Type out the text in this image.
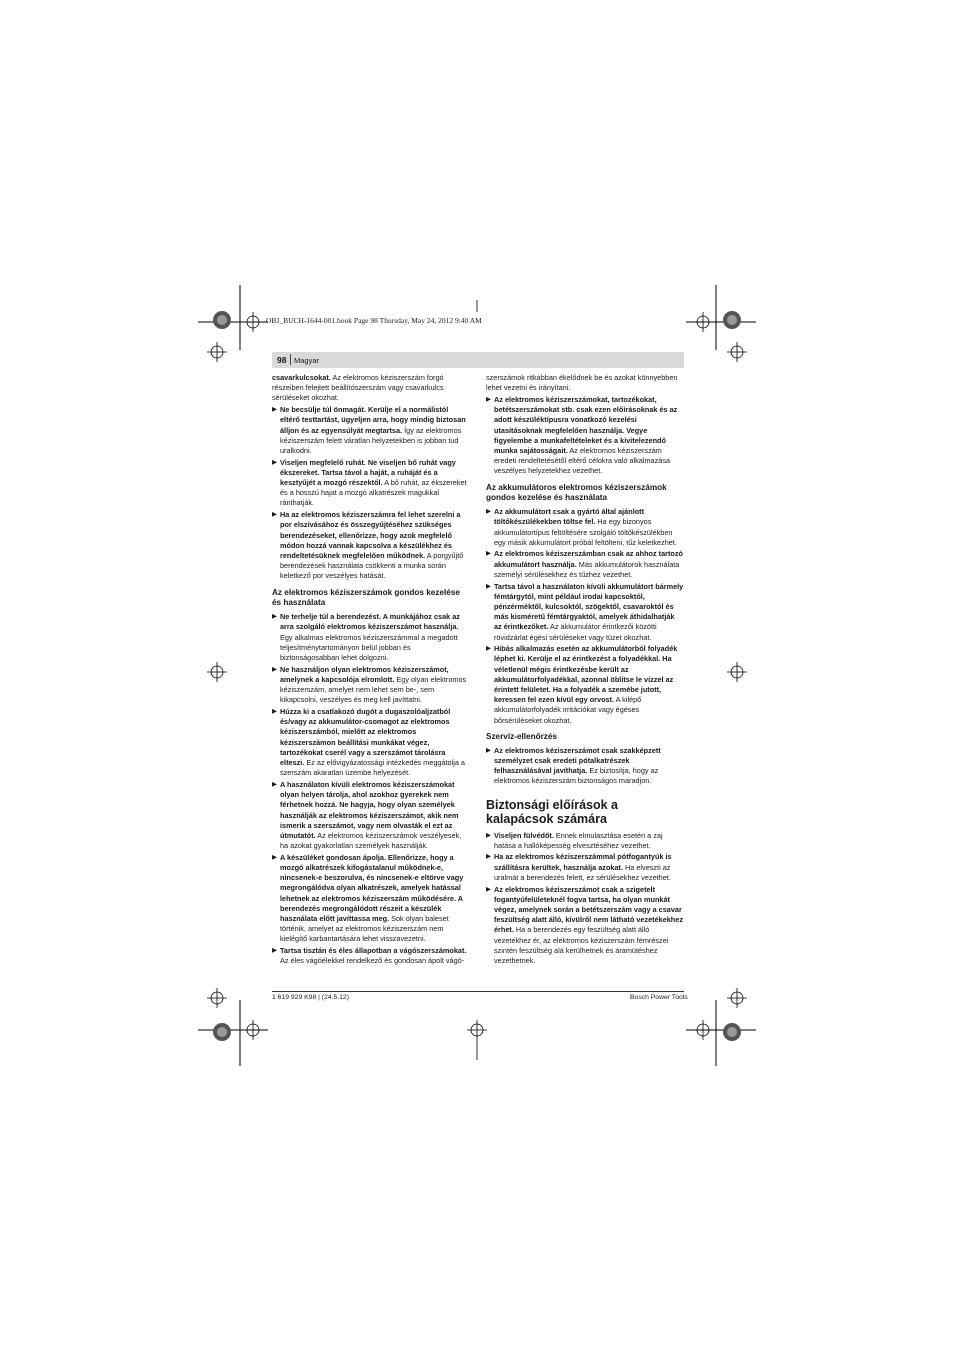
OBJ_BUCH-1644-001.book Page 98 Thursday, May 24, 2012 9:40 AM
98 Magyar

csavarkulcsokat. Az elektromos kéziszerszám forgó részeiben felejtett beállítószerszám vagy csavarkulcs sérüléseket okozhat.

▶ Ne becsülje túl önmagát. Kerülje el a normálistól eltérő testtartást, ügyeljen arra, hogy mindig biztosan álljon és az egyensúlyát megtartsa. Így az elektromos kéziszerszám felett váratlan helyzetekben is jobban tud uralkodni.
▶ Viseljen megfelelő ruhát. Ne viseljen bő ruhát vagy ékszereket. Tartsa távol a haját, a ruháját és a kesztyűjét a mozgó részektől. A bő ruhát, az ékszereket és a hosszú hajat a mozgó alkatrészek magukkal ránthatják.
▶ Ha az elektromos kéziszerszámra fel lehet szerelni a por elszívásához és összegyűjtéséhez szükséges berendezéseket, ellenőrizze, hogy azok megfelelő módon hozzá vannak kapcsolva a készülékhez és rendeltetésüknek megfelelően működnek. A porgyűjtő berendezések használata csökkenti a munka során keletkező por veszélyes hatását.
Az elektromos kéziszerszámok gondos kezelése és használata
▶ Ne terhelje túl a berendezést. A munkájához csak az arra szolgáló elektromos kéziszerszámot használja. Egy alkalmas elektromos kéziszerszámmal a megadott teljesítménytartományon belül jobban és biztonságosabban lehet dolgozni.
▶ Ne használjon olyan elektromos kéziszerszámot, amelynek a kapcsolója elromlott. Egy olyan elektromos kéziszerszám, amelyet nem lehet sem be-, sem kikapcsolni, veszélyes és meg kell javíttatni.
▶ Húzza ki a csatlakozó dugót a dugaszolóaljzatból és/vagy az akkumulátor-csomagot az elektromos kéziszerszámból, mielőtt az elektromos kéziszerszámon beállítási munkákat végez, tartozékokat cserél vagy a szerszámot tárolásra elteszi. Ez az elővigyázatossági intézkedés meggátolja a szerszám akaratlan üzembe helyezését.
▶ A használaton kívüli elektromos kéziszerszámokat olyan helyen tárolja, ahol azokhoz gyerekek nem férhetnek hozzá. Ne hagyja, hogy olyan személyek használják az elektromos kéziszerszámot, akik nem ismerik a szerszámot, vagy nem olvasták el ezt az útmutatót. Az elektromos kéziszerszámok veszélyesek, ha azokat gyakorlatlan személyek használják.
▶ A készüléket gondosan ápolja. Ellenőrizze, hogy a mozgó alkatrészek kifogástalanul működnek-e, nincsenek-e beszorulva, és nincsenek-e eltörve vagy megrongálódva olyan alkatrészek, amelyek hatással lehetnek az elektromos kéziszerszám működésére. A berendezés megrongálódott részeit a készülék használata előtt javíttassa meg. Sok olyan baleset történik, amelyet az elektromos kéziszerszám nem kielégítő karbantartására lehet visszavezetni.
▶ Tartsa tisztán és éles állapotban a vágószerszámokat. Az éles vágóélekkel rendelkező és gondosan ápolt vágó-

szerszámok ritkábban ékelődnek be és azokat könnyebben lehet vezetni és irányítani.

▶ Az elektromos kéziszerszámokat, tartozékokat, betétszerszámokat stb. csak ezen előírásoknak és az adott készüléktípusra vonatkozó kezelési utasításoknak megfelelően használja. Vegye figyelembe a munkafeltételeket és a kivitelezendő munka sajátosságait. Az elektromos kéziszerszám eredeti rendeltetésétől eltérő célokra való alkalmazása veszélyes helyzetekhez vezethet.
Az akkumulátoros elektromos kéziszerszámok gondos kezelése és használata
▶ Az akkumulátort csak a gyártó által ajánlott töltőkészülékekben töltse fel. Ha egy bizonyos akkumulátortípus feltöltésére szolgáló töltőkészülékben egy másik akkumulátort próbál feltölteni, tűz keletkezhet.
▶ Az elektromos kéziszerszámban csak az ahhoz tartozó akkumulátort használja. Más akkumulátorok használata személyi sérülésekhez és tűzhez vezethet.
▶ Tartsa távol a használaton kívüli akkumulátort bármely fémtárgytól, mint például irodai kapcsoktól, pénzérméktől, kulcsoktól, szögektől, csavaroktól és más kisméretű fémtárgyaktól, amelyek áthidalhatják az érintkezőket. Az akkumulátor érintkezői közötti rövidzárlat égési sérüléseket vagy tüzet okozhat.
▶ Hibás alkalmazás esetén az akkumulátorból folyadék léphet ki. Kerülje el az érintkezést a folyadékkal. Ha véletlenül mégis érintkezésbe került az akkumulátorfolyadékkal, azonnal öblítse le vízzel az érintett felületet. Ha a folyadék a szemébe jutott, keressen fel ezen kívül egy orvost. A kilépő akkumulátorfolyadék irritációkat vagy égéses bőrsérüléseket okozhat.
Szervíz-ellenőrzés
▶ Az elektromos kéziszerszámot csak szakképzett személyzet csak eredeti pótalkatrészek felhasználásával javíthatja. Ez biztosítja, hogy az elektromos kéziszerszám biztonságos maradjon.
Biztonsági előírások a kalapácsok számára
▶ Viseljen fülvédőt. Ennek elmulasztása esetén a zaj hatása a hallóképesség elvesztéséhez vezethet.
▶ Ha az elektromos kéziszerszámmal pótfogantyúk is szállításra kerültek, használja azokat. Ha elveszti az uralmát a berendezés felett, ez sérülésekhez vezethet.
▶ Az elektromos kéziszerszámot csak a szigetelt fogantyúfelületeknél fogva tartsa, ha olyan munkát végez, amelynek során a betétszerszám vagy a csavar feszültség alatt álló, kívülről nem látható vezetékekhez érhet. Ha a berendezés egy feszültség alatt álló vezetékhez ér, az elektromos kéziszerszám fémrészei szintén feszültség alá kerülhetnek és áramütéshez vezethetnek.
1 619 929 K98 | (24.5.12)	Bosch Power Tools
